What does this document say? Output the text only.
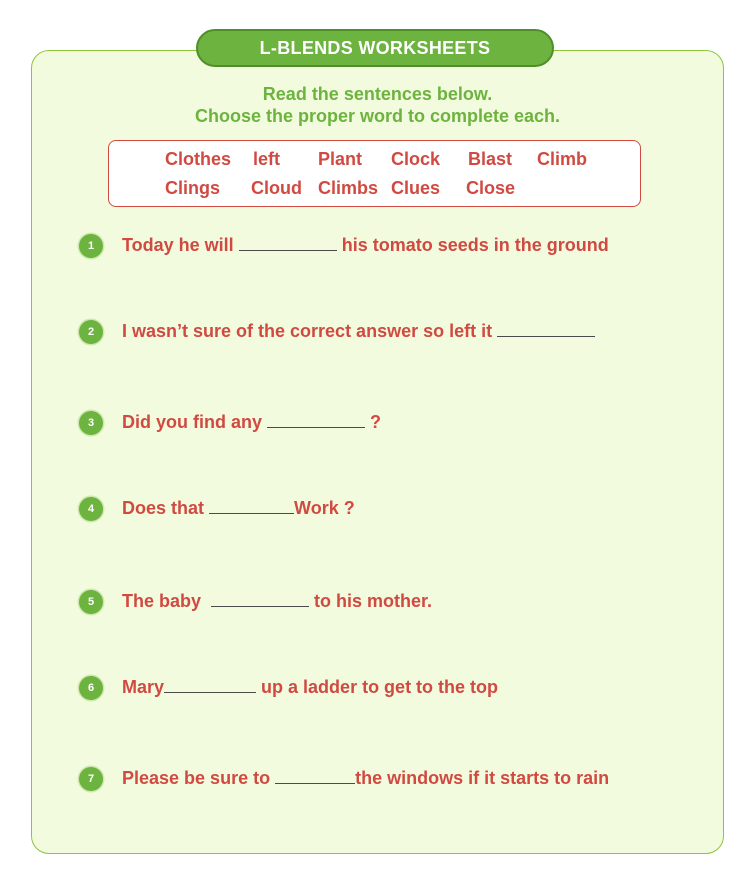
L-BLENDS WORKSHEETS
Read the sentences below.
Choose the proper word to complete each.
Clothes left Plant Clock Blast Climb
Clings Cloud Climbs Clues Close
1	Today he will	his tomato seeds in the ground
2	I wasn’t sure of the correct answer so left it
3	Did you find any	?
4	Does that	Work ?
5	The baby	to his mother.
6	Mary	up a ladder to get to the top
7	Please be sure to	the windows if it starts to rain
